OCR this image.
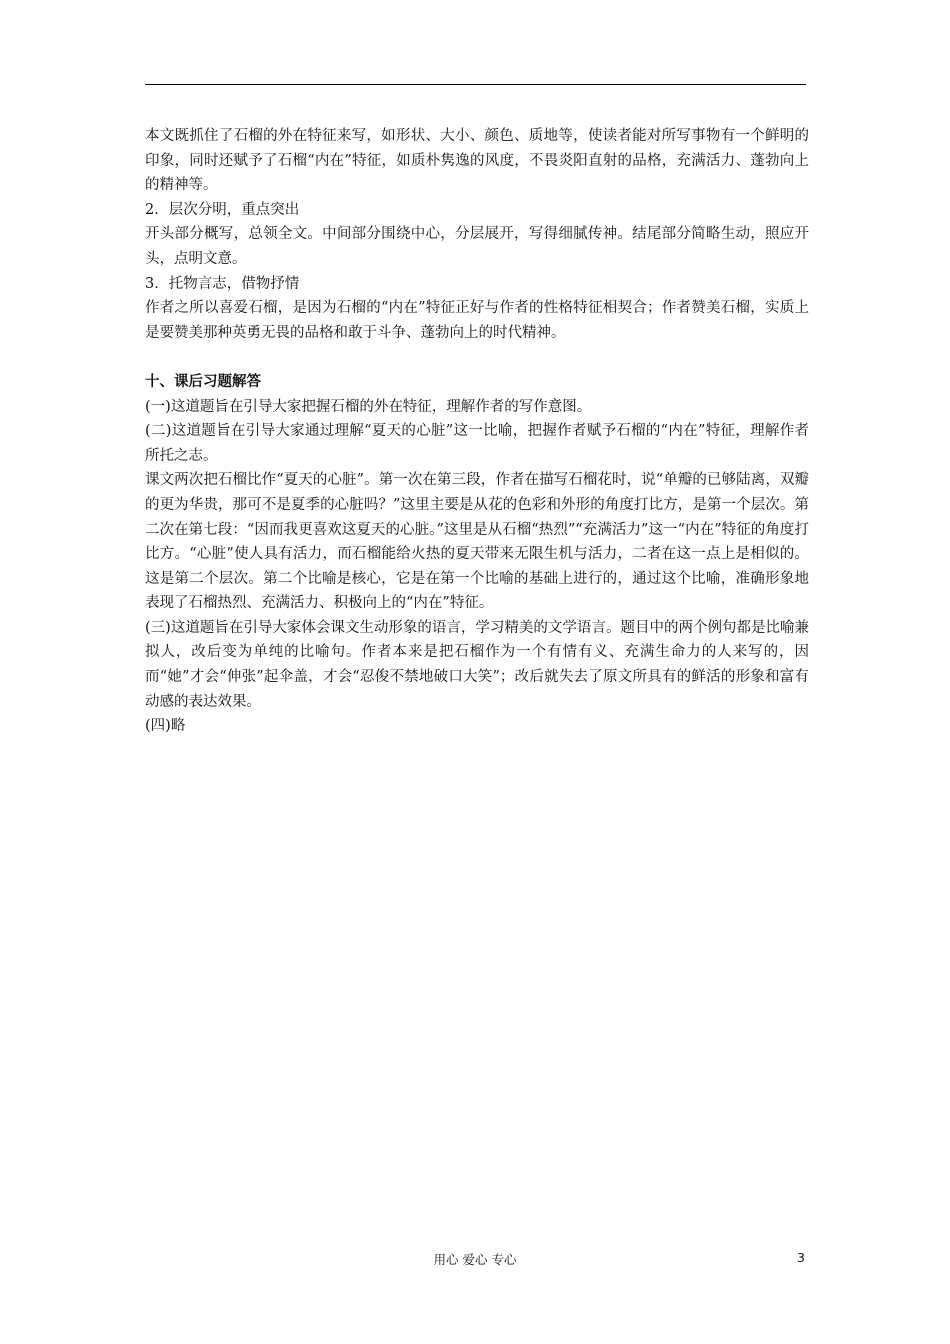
本文既抓住了石榴的外在特征来写，如形状、大小、颜色、质地等，使读者能对所写事物有一个鲜明的印象，同时还赋予了石榴“内在”特征，如质朴隽逸的风度，不畏炎阳直射的品格，充满活力、蓬勃向上的精神等。

2．层次分明，重点突出

开头部分概写，总领全文。中间部分围绕中心，分层展开，写得细腻传神。结尾部分简略生动，照应开头，点明文意。

3．托物言志，借物抒情

作者之所以喜爱石榴，是因为石榴的“内在”特征正好与作者的性格特征相契合；作者赞美石榴，实质上是要赞美那种英勇无畏的品格和敢于斗争、蓬勃向上的时代精神。

十、课后习题解答

(一)这道题旨在引导大家把握石榴的外在特征，理解作者的写作意图。

(二)这道题旨在引导大家通过理解“夏天的心脏”这一比喻，把握作者赋予石榴的“内在”特征，理解作者所托之志。

课文两次把石榴比作“夏天的心脏”。第一次在第三段，作者在描写石榴花时，说“单瓣的已够陆离，双瓣的更为华贵，那可不是夏季的心脏吗？”这里主要是从花的色彩和外形的角度打比方，是第一个层次。第二次在第七段：“因而我更喜欢这夏天的心脏。”这里是从石榴“热烈”“充满活力”这一“内在”特征的角度打比方。“心脏”使人具有活力，而石榴能给火热的夏天带来无限生机与活力，二者在这一点上是相似的。这是第二个层次。第二个比喻是核心，它是在第一个比喻的基础上进行的，通过这个比喻，准确形象地表现了石榴热烈、充满活力、积极向上的“内在”特征。

(三)这道题旨在引导大家体会课文生动形象的语言，学习精美的文学语言。题目中的两个例句都是比喻兼拟人，改后变为单纯的比喻句。作者本来是把石榴作为一个有情有义、充满生命力的人来写的，因而“她”才会“伸张”起伞盖，才会“忍俊不禁地破口大笑”；改后就失去了原文所具有的鲜活的形象和富有动感的表达效果。

(四)略

用心 爱心 专心	3
